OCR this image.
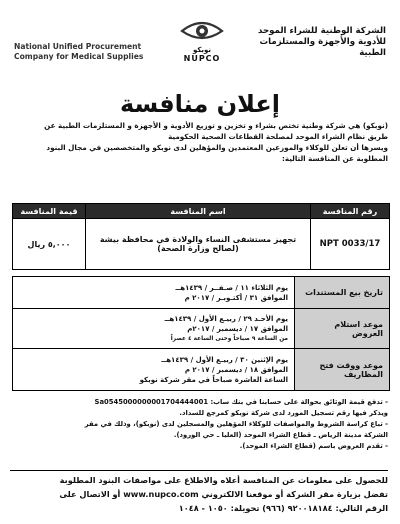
الشركة الوطنية للشراء الموحد
للأدوية والأجهزة والمستلزمات الطبية
نوبكو
NUPCO
National Unified Procurement
Company for Medical Supplies
إعلان منافسة
(نوبكو) هي شركة وطنية تختص بشراء و تخزين و توزيع الأدوية و الأجهزة و المستلزمات الطبية عن
طريق نظام الشراء الموحد لمصلحة القطاعات الصحية الحكومية
ويسرها أن تعلن للوكلاء والموزعين المعتمدين والمؤهلين لدى نوبكو والمتخصصين في مجال البنود
المطلوبة عن المنافسة التالية:
رقم المنافسة	اسم المنافسة	قيمة المنافسة
NPT 0033/17	تجهيز مستشفى النساء والولادة في محافظة بيشة
(لصالح وزارة الصحة)	٥,٠٠٠ ريال
تاريخ بيع المستندات	يوم الثلاثاء ١١ / صـفــر / ١٤٣٩هــ
الموافق ٣١ / أكتـوبـر / ٢٠١٧ م

موعد استلام العروض	يوم الأحـد ٢٩ / ربيـع الأول / ١٤٣٩هــ
الموافق ١٧ / ديسمبر / ٢٠١٧م
من الساعة ٩ صباحاً وحتى الساعة ٤ عصراً

موعد ووقت فتح المظاريف	يوم الإثنين ٣٠ / ربيـع الأول / ١٤٣٩هــ
الموافق ١٨ / ديسمبر / ٢٠١٧ م
الساعة العاشرة صباحاً في مقر شركة نوبكو
- تدفع قيمة الوثائق بحوالة على حسابنا في بنك ساب: Sa0545000000001704444001
ويذكر فيها رقم تسجيل المورد لدى شركة نوبكو كمرجع للسداد.
- تباع كراسة الشروط والمواصفات للوكلاء المؤهلين والمسجلين لدى (نوبكو)، وذلك في مقر
الشركة مدينة الرياض ـ قطاع الشراء الموحد (العليا ـ حي الورود).
- تقدم العروض باسم (قطاع الشراء الموحد).
للحصول على معلومات عن المنافسة أعلاه والاطلاع على مواصفات البنود المطلوبة
تفضل بزيارة مقر الشركة أو موقعنا الالكتروني www.nupco.com أو الاتصال على
الرقم التالي: ٩٢٠٠١٨١٨٤ (٩٦٦) تحويلة: ١٠٥٠ - ١٠٤٨
